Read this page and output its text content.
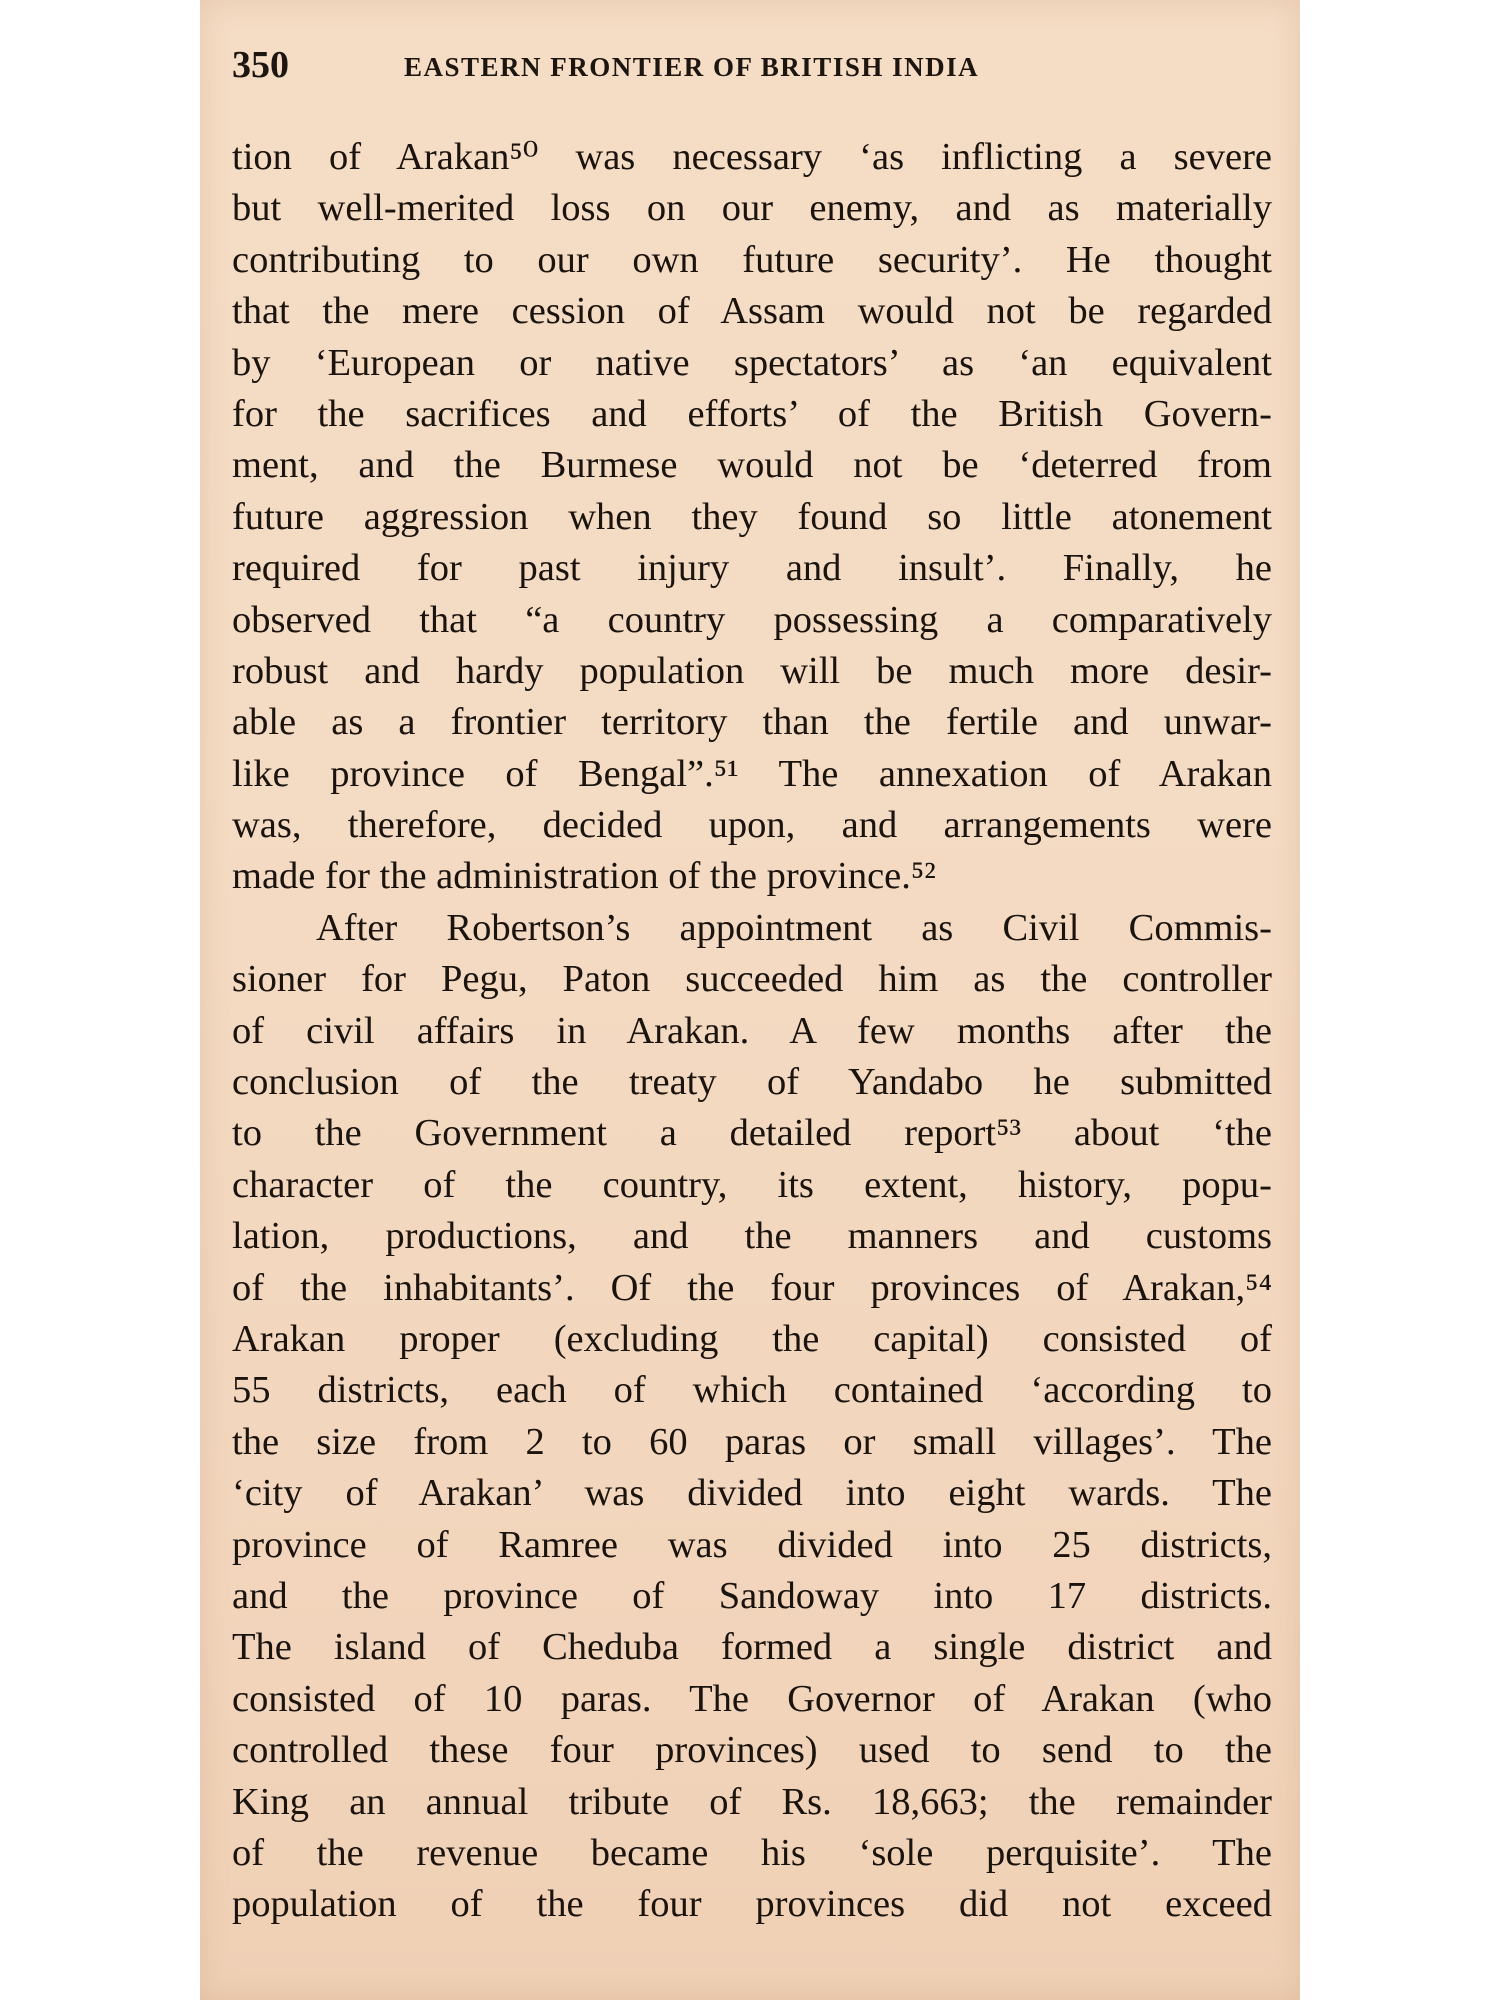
350	EASTERN FRONTIER OF BRITISH INDIA
tion of Arakan⁵⁰ was necessary ‘as inflicting a severe
but well-merited loss on our enemy, and as materially
contributing to our own future security’. He thought
that the mere cession of Assam would not be regarded
by ‘European or native spectators’ as ‘an equivalent
for the sacrifices and efforts’ of the British Govern-
ment, and the Burmese would not be ‘deterred from
future aggression when they found so little atonement
required for past injury and insult’. Finally, he
observed that “a country possessing a comparatively
robust and hardy population will be much more desir-
able as a frontier territory than the fertile and unwar-
like province of Bengal”.⁵¹ The annexation of Arakan
was, therefore, decided upon, and arrangements were
made for the administration of the province.⁵²
After Robertson’s appointment as Civil Commis-
sioner for Pegu, Paton succeeded him as the controller
of civil affairs in Arakan. A few months after the
conclusion of the treaty of Yandabo he submitted
to the Government a detailed report⁵³ about ‘the
character of the country, its extent, history, popu-
lation, productions, and the manners and customs
of the inhabitants’. Of the four provinces of Arakan,⁵⁴
Arakan proper (excluding the capital) consisted of
55 districts, each of which contained ‘according to
the size from 2 to 60 paras or small villages’. The
‘city of Arakan’ was divided into eight wards. The
province of Ramree was divided into 25 districts,
and the province of Sandoway into 17 districts.
The island of Cheduba formed a single district and
consisted of 10 paras. The Governor of Arakan (who
controlled these four provinces) used to send to the
King an annual tribute of Rs. 18,663; the remainder
of the revenue became his ‘sole perquisite’. The
population of the four provinces did not exceed
